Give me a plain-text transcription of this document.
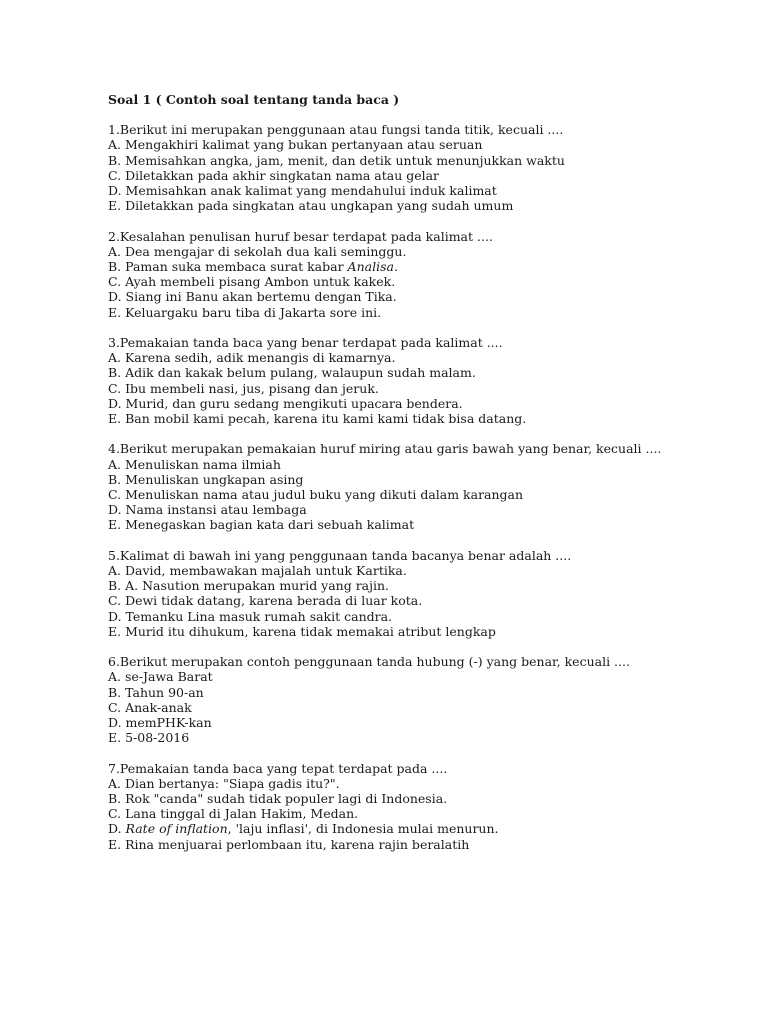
Soal 1 ( Contoh soal tentang tanda baca )
1.Berikut ini merupakan penggunaan atau fungsi tanda titik, kecuali ....
A. Mengakhiri kalimat yang bukan pertanyaan atau seruan
B. Memisahkan angka, jam, menit, dan detik untuk menunjukkan waktu
C. Diletakkan pada akhir singkatan nama atau gelar
D. Memisahkan anak kalimat yang mendahului induk kalimat
E. Diletakkan pada singkatan atau ungkapan yang sudah umum
2.Kesalahan penulisan huruf besar terdapat pada kalimat ....
A. Dea mengajar di sekolah dua kali seminggu.
B. Paman suka membaca surat kabar Analisa.
C. Ayah membeli pisang Ambon untuk kakek.
D. Siang ini Banu akan bertemu dengan Tika.
E. Keluargaku baru tiba di Jakarta sore ini.
3.Pemakaian tanda baca yang benar terdapat pada kalimat ....
A. Karena sedih, adik menangis di kamarnya.
B. Adik dan kakak belum pulang, walaupun sudah malam.
C. Ibu membeli nasi, jus, pisang dan jeruk.
D. Murid, dan guru sedang mengikuti upacara bendera.
E. Ban mobil kami pecah, karena itu kami kami tidak bisa datang.
4.Berikut merupakan pemakaian huruf miring atau garis bawah yang benar, kecuali ....
A. Menuliskan nama ilmiah
B. Menuliskan ungkapan asing
C. Menuliskan nama atau judul buku yang dikuti dalam karangan
D. Nama instansi atau lembaga
E. Menegaskan bagian kata dari sebuah kalimat
5.Kalimat di bawah ini yang penggunaan tanda bacanya benar adalah ....
A. David, membawakan majalah untuk Kartika.
B. A. Nasution merupakan murid yang rajin.
C. Dewi tidak datang, karena berada di luar kota.
D. Temanku Lina masuk rumah sakit candra.
E. Murid itu dihukum, karena tidak memakai atribut lengkap
6.Berikut merupakan contoh penggunaan tanda hubung (-) yang benar, kecuali ....
A. se-Jawa Barat
B. Tahun 90-an
C. Anak-anak
D. memPHK-kan
E. 5-08-2016
7.Pemakaian tanda baca yang tepat terdapat pada ....
A. Dian bertanya: "Siapa gadis itu?".
B. Rok "canda" sudah tidak populer lagi di Indonesia.
C. Lana tinggal di Jalan Hakim, Medan.
D. Rate of inflation, 'laju inflasi', di Indonesia mulai menurun.
E. Rina menjuarai perlombaan itu, karena rajin beralatih
